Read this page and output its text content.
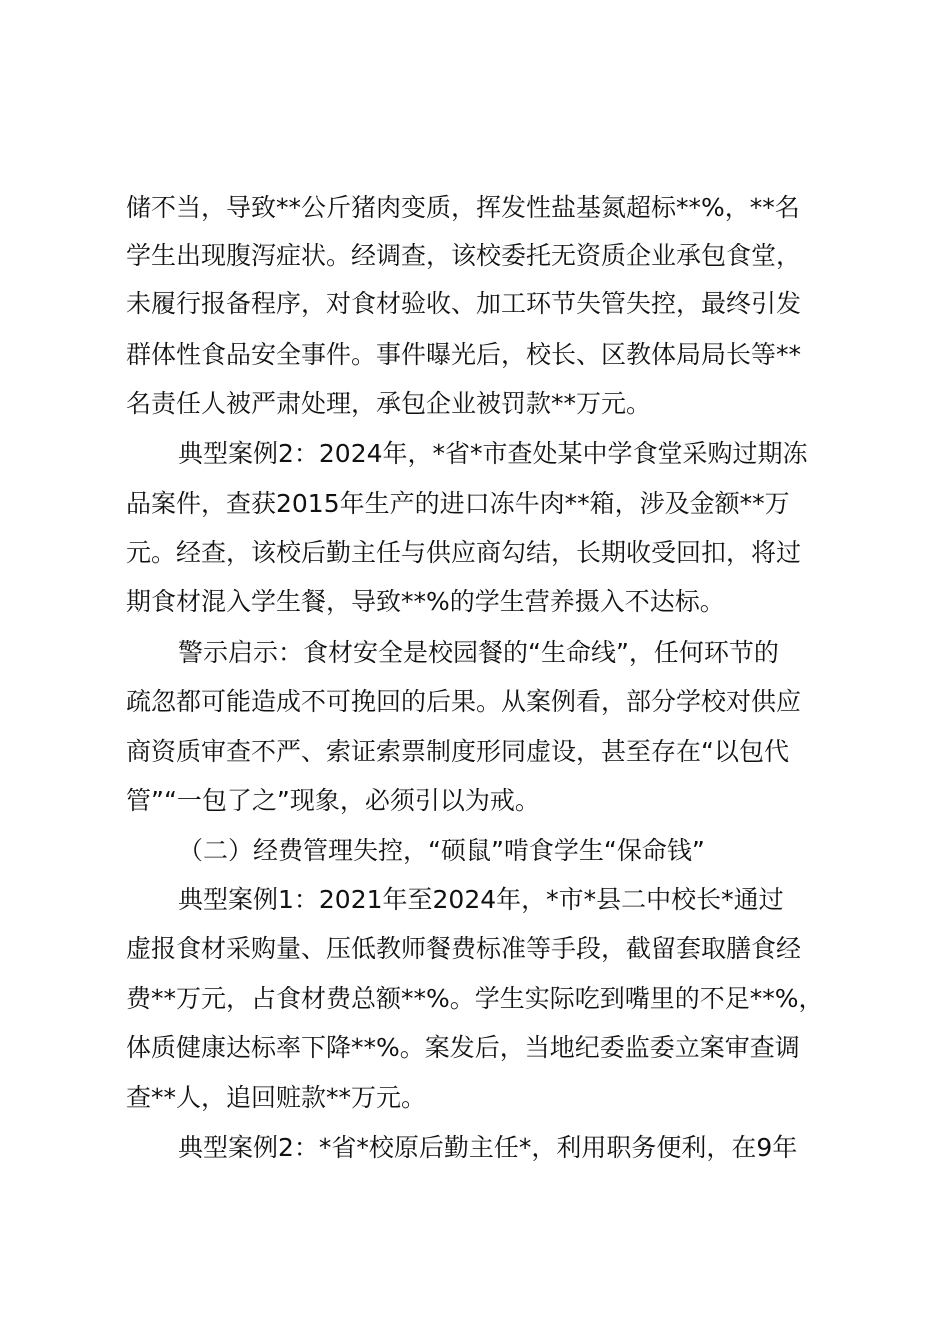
储不当，导致**公斤猪肉变质，挥发性盐基氮超标**%，**名
学生出现腹泻症状。经调查，该校委托无资质企业承包食堂，
未履行报备程序，对食材验收、加工环节失管失控，最终引发
群体性食品安全事件。事件曝光后，校长、区教体局局长等**
名责任人被严肃处理，承包企业被罚款**万元。
典型案例2：2024年，*省*市查处某中学食堂采购过期冻
品案件，查获2015年生产的进口冻牛肉**箱，涉及金额**万
元。经查，该校后勤主任与供应商勾结，长期收受回扣，将过
期食材混入学生餐，导致**%的学生营养摄入不达标。
警示启示：食材安全是校园餐的“生命线”，任何环节的
疏忽都可能造成不可挽回的后果。从案例看，部分学校对供应
商资质审查不严、索证索票制度形同虚设，甚至存在“以包代
管”“一包了之”现象，必须引以为戒。
（二）经费管理失控，“硕鼠”啃食学生“保命钱”
典型案例1：2021年至2024年，*市*县二中校长*通过
虚报食材采购量、压低教师餐费标准等手段，截留套取膳食经
费**万元，占食材费总额**%。学生实际吃到嘴里的不足**%，
体质健康达标率下降**%。案发后，当地纪委监委立案审查调
查**人，追回赃款**万元。
典型案例2：*省*校原后勤主任*，利用职务便利，在9年
